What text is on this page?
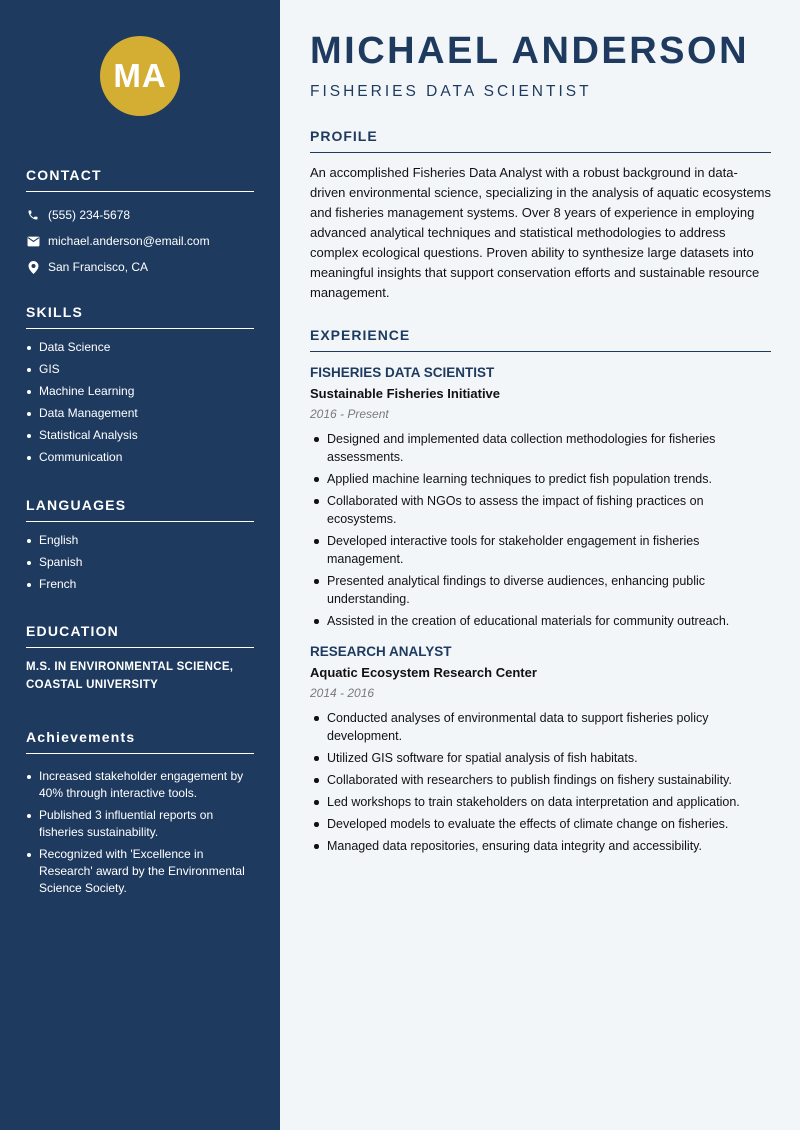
MA
CONTACT
(555) 234-5678
michael.anderson@email.com
San Francisco, CA
SKILLS
Data Science
GIS
Machine Learning
Data Management
Statistical Analysis
Communication
LANGUAGES
English
Spanish
French
EDUCATION
M.S. IN ENVIRONMENTAL SCIENCE, COASTAL UNIVERSITY
Achievements
Increased stakeholder engagement by 40% through interactive tools.
Published 3 influential reports on fisheries sustainability.
Recognized with 'Excellence in Research' award by the Environmental Science Society.
MICHAEL ANDERSON
FISHERIES DATA SCIENTIST
PROFILE

An accomplished Fisheries Data Analyst with a robust background in data-driven environmental science, specializing in the analysis of aquatic ecosystems and fisheries management systems. Over 8 years of experience in employing advanced analytical techniques and statistical methodologies to address complex ecological questions. Proven ability to synthesize large datasets into meaningful insights that support conservation efforts and sustainable resource management.

EXPERIENCE
FISHERIES DATA SCIENTIST
Sustainable Fisheries Initiative
2016 - Present
Designed and implemented data collection methodologies for fisheries assessments.
Applied machine learning techniques to predict fish population trends.
Collaborated with NGOs to assess the impact of fishing practices on ecosystems.
Developed interactive tools for stakeholder engagement in fisheries management.
Presented analytical findings to diverse audiences, enhancing public understanding.
Assisted in the creation of educational materials for community outreach.
RESEARCH ANALYST
Aquatic Ecosystem Research Center
2014 - 2016
Conducted analyses of environmental data to support fisheries policy development.
Utilized GIS software for spatial analysis of fish habitats.
Collaborated with researchers to publish findings on fishery sustainability.
Led workshops to train stakeholders on data interpretation and application.
Developed models to evaluate the effects of climate change on fisheries.
Managed data repositories, ensuring data integrity and accessibility.
